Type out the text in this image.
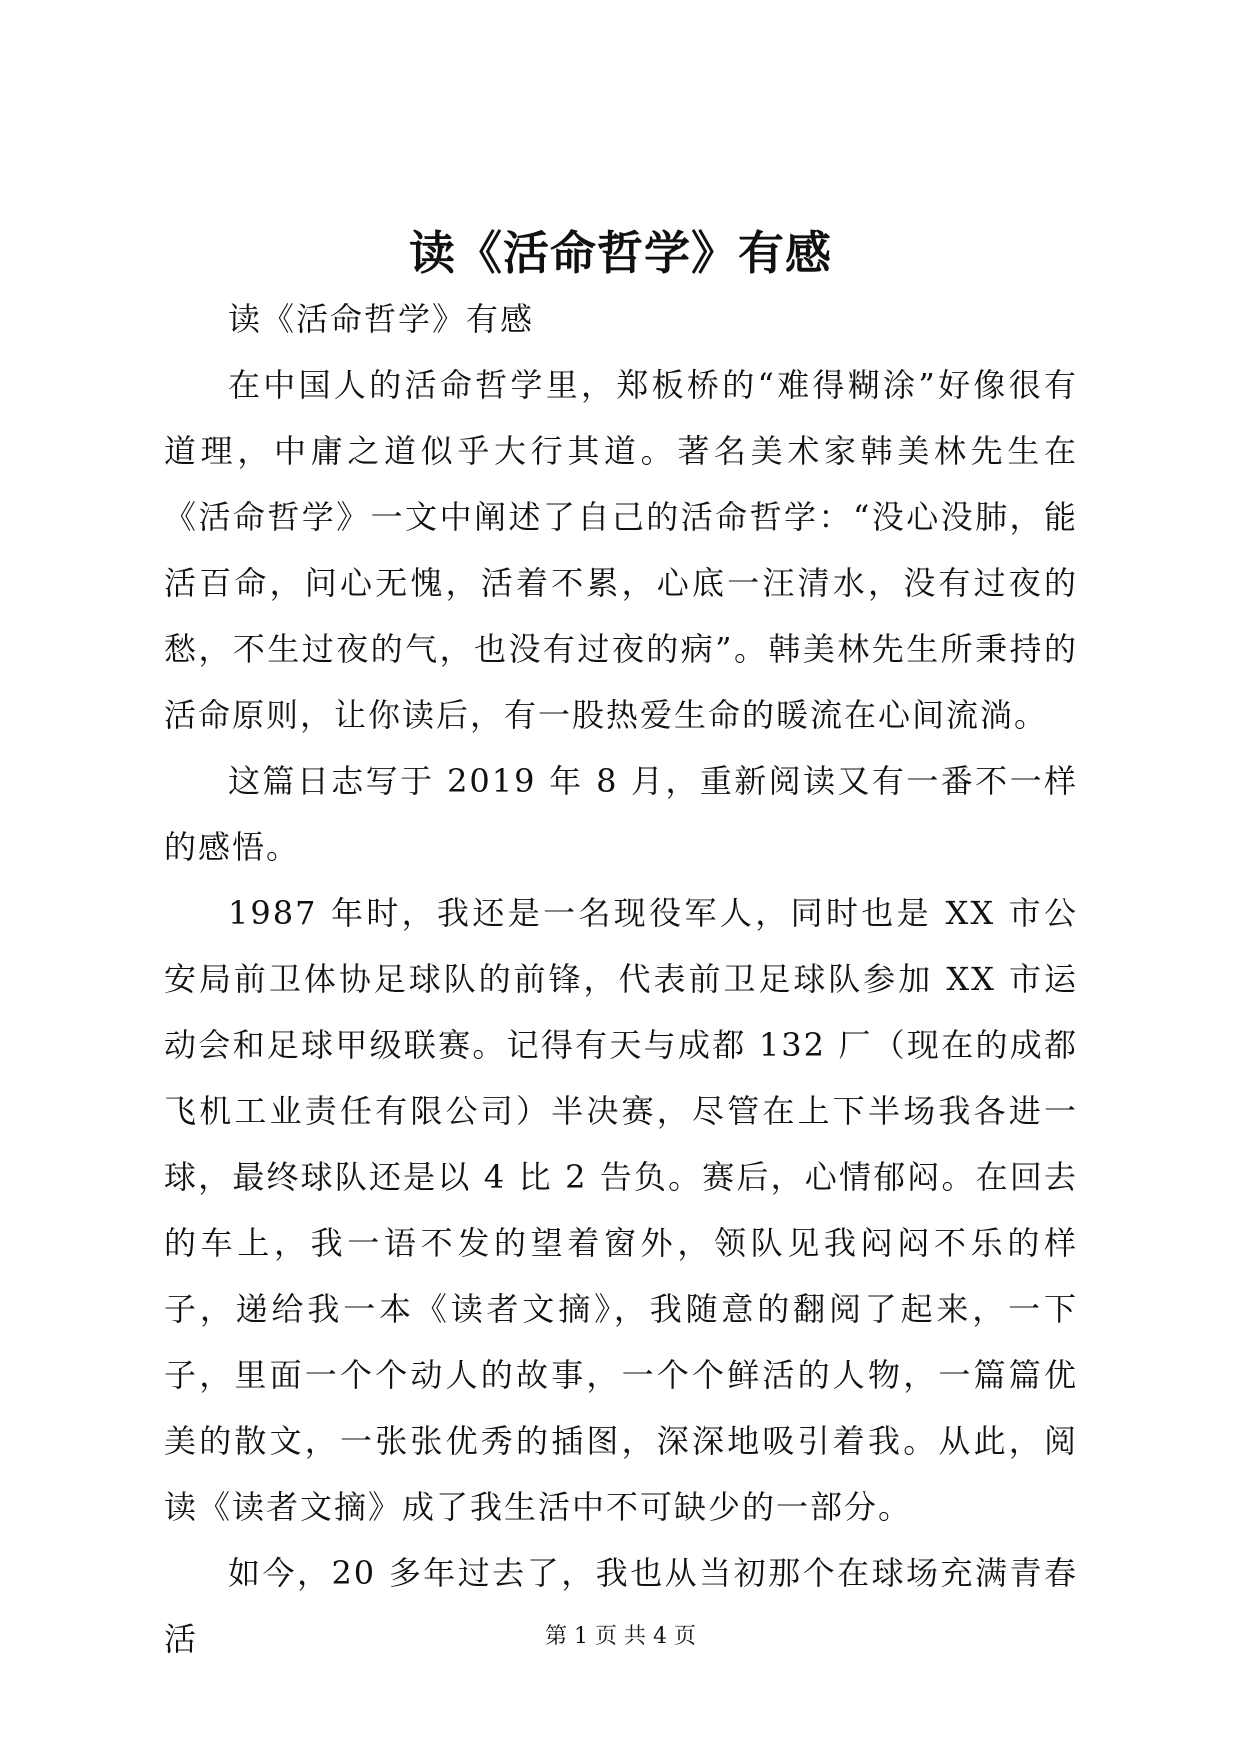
读《活命哲学》有感

读《活命哲学》有感

在中国人的活命哲学里，郑板桥的“难得糊涂”好像很有道理，中庸之道似乎大行其道。著名美术家韩美林先生在《活命哲学》一文中阐述了自己的活命哲学：“没心没肺，能活百命，问心无愧，活着不累，心底一汪清水，没有过夜的愁，不生过夜的气，也没有过夜的病”。韩美林先生所秉持的活命原则，让你读后，有一股热爱生命的暖流在心间流淌。

这篇日志写于 2019 年 8 月，重新阅读又有一番不一样的感悟。

1987 年时，我还是一名现役军人，同时也是 XX 市公安局前卫体协足球队的前锋，代表前卫足球队参加 XX 市运动会和足球甲级联赛。记得有天与成都 132 厂（现在的成都飞机工业责任有限公司）半决赛，尽管在上下半场我各进一球，最终球队还是以 4 比 2 告负。赛后，心情郁闷。在回去的车上，我一语不发的望着窗外，领队见我闷闷不乐的样子，递给我一本《读者文摘》，我随意的翻阅了起来，一下子，里面一个个动人的故事，一个个鲜活的人物，一篇篇优美的散文，一张张优秀的插图，深深地吸引着我。从此，阅读《读者文摘》成了我生活中不可缺少的一部分。

如今，20 多年过去了，我也从当初那个在球场充满青春活	第 1 页 共 4 页
